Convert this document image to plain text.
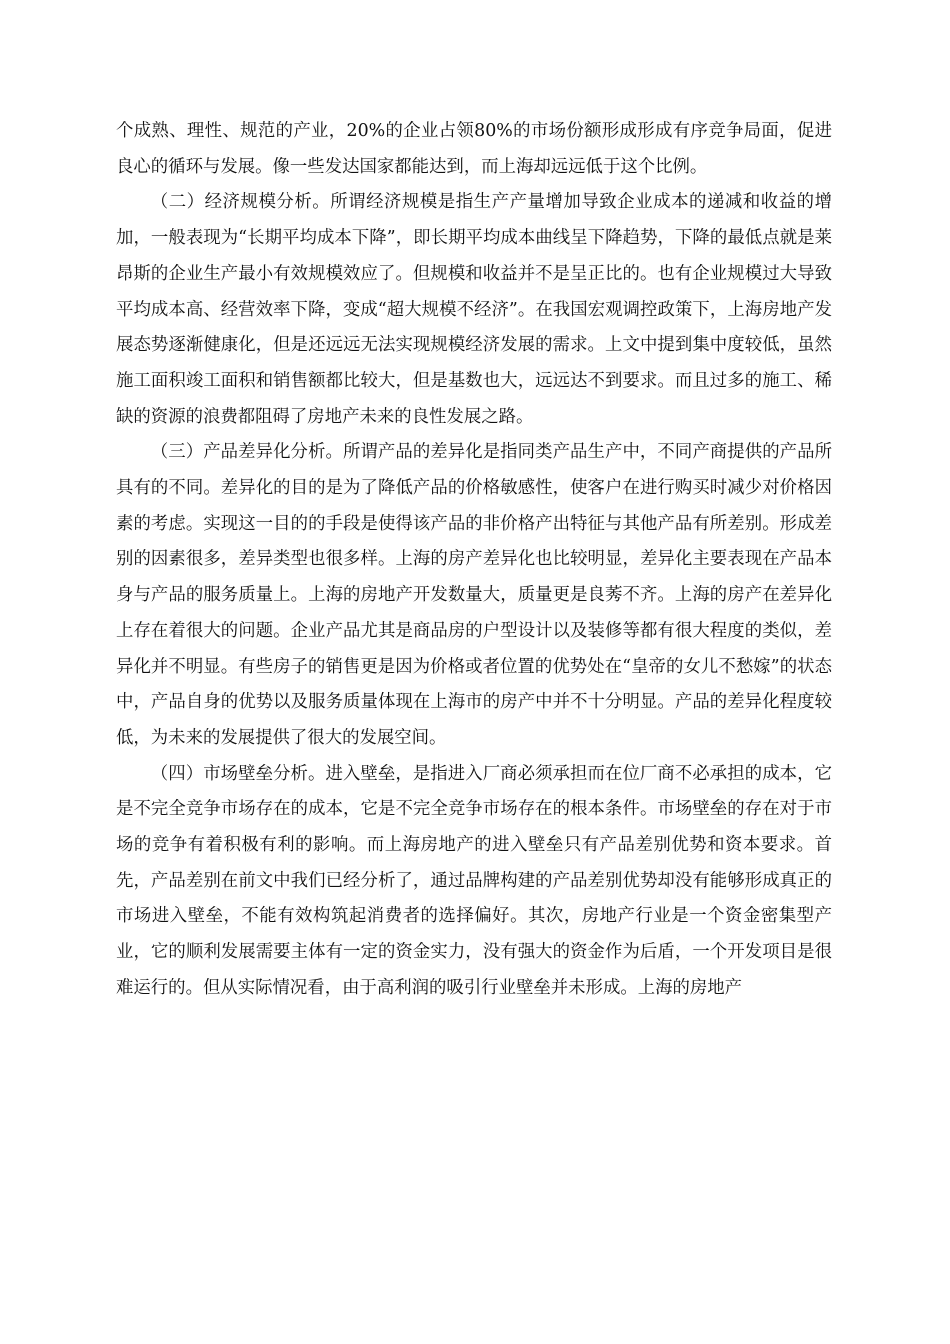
个成熟、理性、规范的产业，20%的企业占领80%的市场份额形成形成有序竞争局面，促进良心的循环与发展。像一些发达国家都能达到，而上海却远远低于这个比例。

（二）经济规模分析。所谓经济规模是指生产产量增加导致企业成本的递减和收益的增加，一般表现为“长期平均成本下降”，即长期平均成本曲线呈下降趋势，下降的最低点就是莱昂斯的企业生产最小有效规模效应了。但规模和收益并不是呈正比的。也有企业规模过大导致平均成本高、经营效率下降，变成“超大规模不经济”。在我国宏观调控政策下，上海房地产发展态势逐渐健康化，但是还远远无法实现规模经济发展的需求。上文中提到集中度较低，虽然施工面积竣工面积和销售额都比较大，但是基数也大，远远达不到要求。而且过多的施工、稀缺的资源的浪费都阻碍了房地产未来的良性发展之路。

（三）产品差异化分析。所谓产品的差异化是指同类产品生产中，不同产商提供的产品所具有的不同。差异化的目的是为了降低产品的价格敏感性，使客户在进行购买时减少对价格因素的考虑。实现这一目的的手段是使得该产品的非价格产出特征与其他产品有所差别。形成差别的因素很多，差异类型也很多样。上海的房产差异化也比较明显，差异化主要表现在产品本身与产品的服务质量上。上海的房地产开发数量大，质量更是良莠不齐。上海的房产在差异化上存在着很大的问题。企业产品尤其是商品房的户型设计以及装修等都有很大程度的类似，差异化并不明显。有些房子的销售更是因为价格或者位置的优势处在“皇帝的女儿不愁嫁”的状态中，产品自身的优势以及服务质量体现在上海市的房产中并不十分明显。产品的差异化程度较低，为未来的发展提供了很大的发展空间。

（四）市场壁垒分析。进入壁垒，是指进入厂商必须承担而在位厂商不必承担的成本，它是不完全竞争市场存在的成本，它是不完全竞争市场存在的根本条件。市场壁垒的存在对于市场的竞争有着积极有利的影响。而上海房地产的进入壁垒只有产品差别优势和资本要求。首先，产品差别在前文中我们已经分析了，通过品牌构建的产品差别优势却没有能够形成真正的市场进入壁垒，不能有效构筑起消费者的选择偏好。其次，房地产行业是一个资金密集型产业，它的顺利发展需要主体有一定的资金实力，没有强大的资金作为后盾，一个开发项目是很难运行的。但从实际情况看，由于高利润的吸引行业壁垒并未形成。上海的房地产
